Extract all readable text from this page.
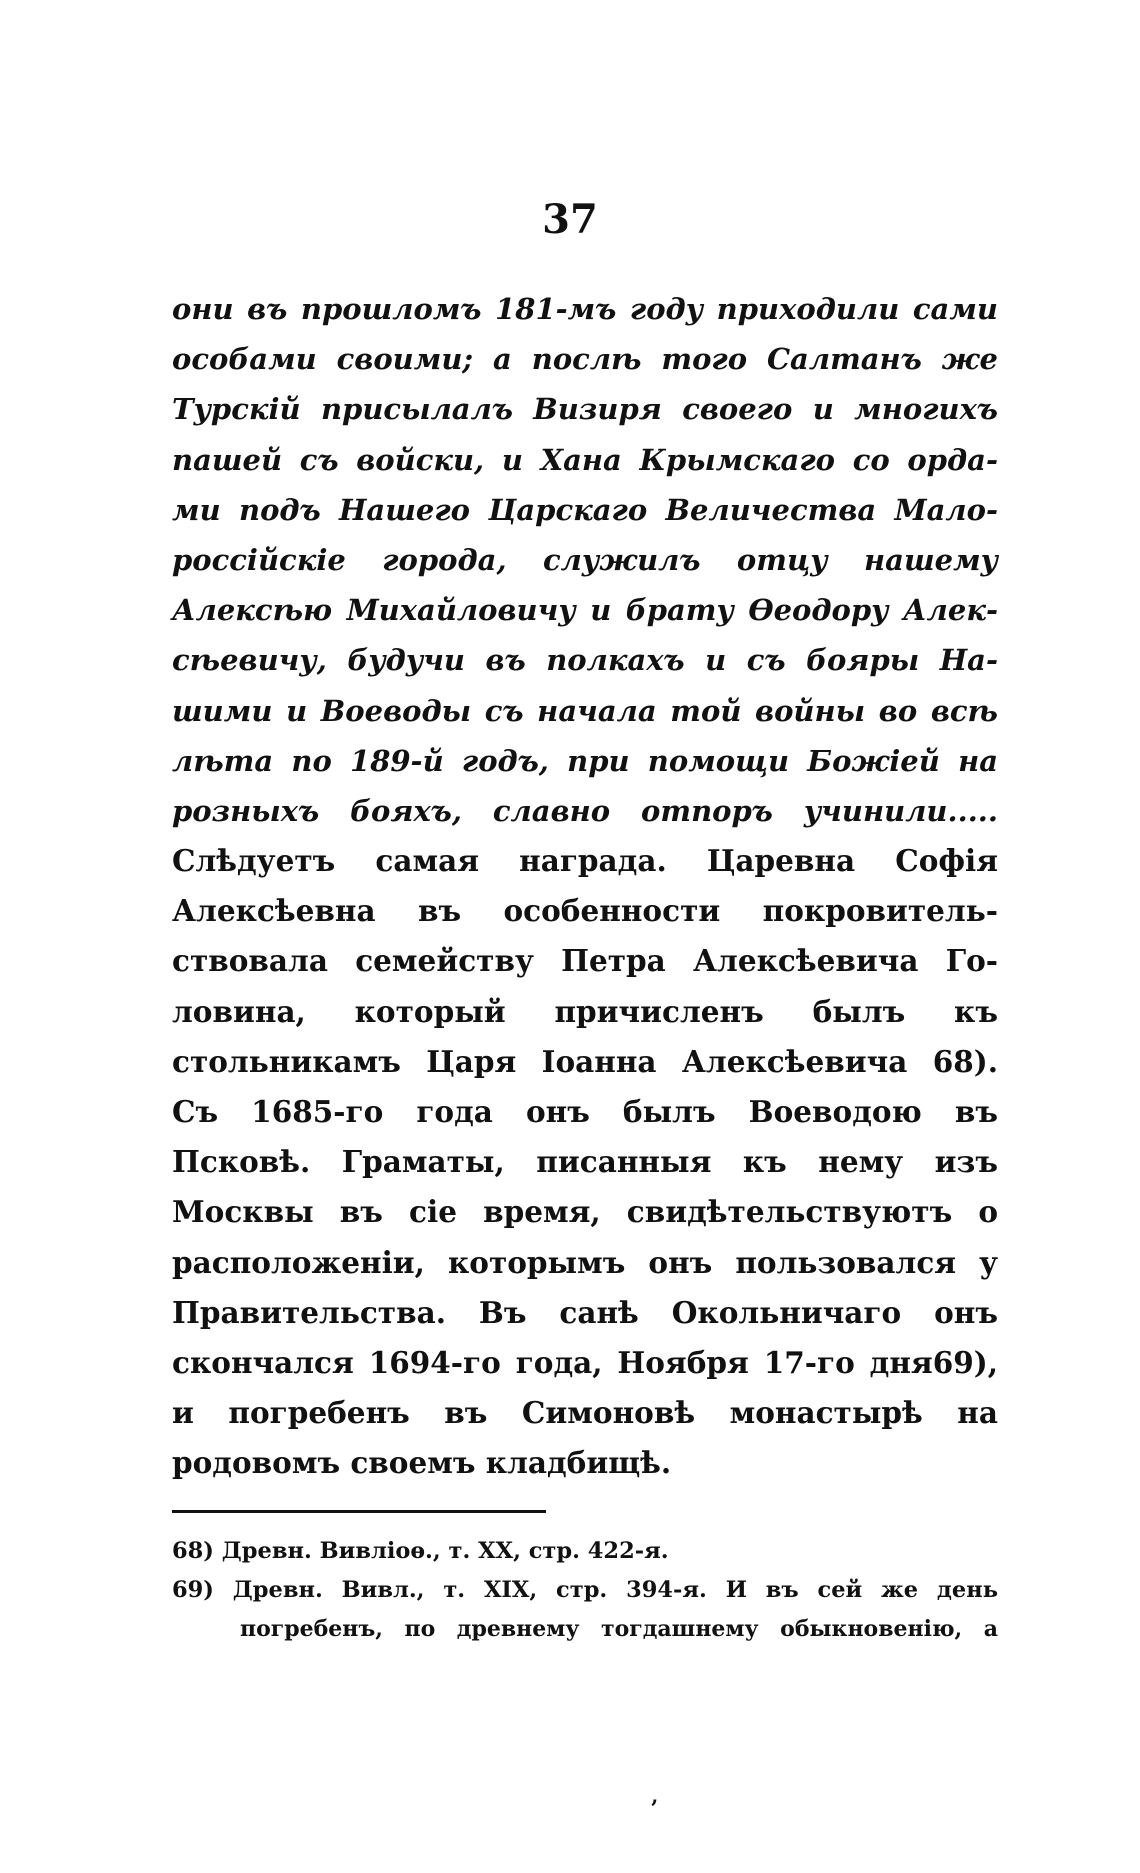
37
они въ прошломъ 181-мъ году приходили сами
особами своими; а послѣ того Салтанъ же
Турскій присылалъ Визиря своего и многихъ
пашей съ войски, и Хана Крымскаго со орда-
ми подъ Нашего Царскаго Величества Мало-
россійскіе города, служилъ отцу нашему
Алексѣю Михайловичу и брату Ѳеодору Алек-
сѣевичу, будучи въ полкахъ и съ бояры На-
шими и Воеводы съ начала той войны во всѣ
лѣта по 189-й годъ, при помощи Божіей на
розныхъ бояхъ, славно отпоръ учинили.....
Слѣдуетъ самая награда. Царевна Софія
Алексѣевна въ особенности покровитель-
ствовала семейству Петра Алексѣевича Го-
ловина, который причисленъ былъ къ
стольникамъ Царя Іоанна Алексѣевича 68).
Съ 1685-го года онъ былъ Воеводою въ
Псковѣ. Граматы, писанныя къ нему изъ
Москвы въ сіе время, свидѣтельствуютъ о
расположеніи, которымъ онъ пользовался у
Правительства. Въ санѣ Окольничаго онъ
скончался 1694-го года, Ноября 17-го дня69),
и погребенъ въ Симоновѣ монастырѣ на
родовомъ своемъ кладбищѣ.
68) Древн. Вивліоѳ., т. XX, стр. 422-я.
69) Древн. Вивл., т. XIX, стр. 394-я. И въ сей же день
погребенъ, по древнему тогдашнему обыкновенію, а
ʼ
